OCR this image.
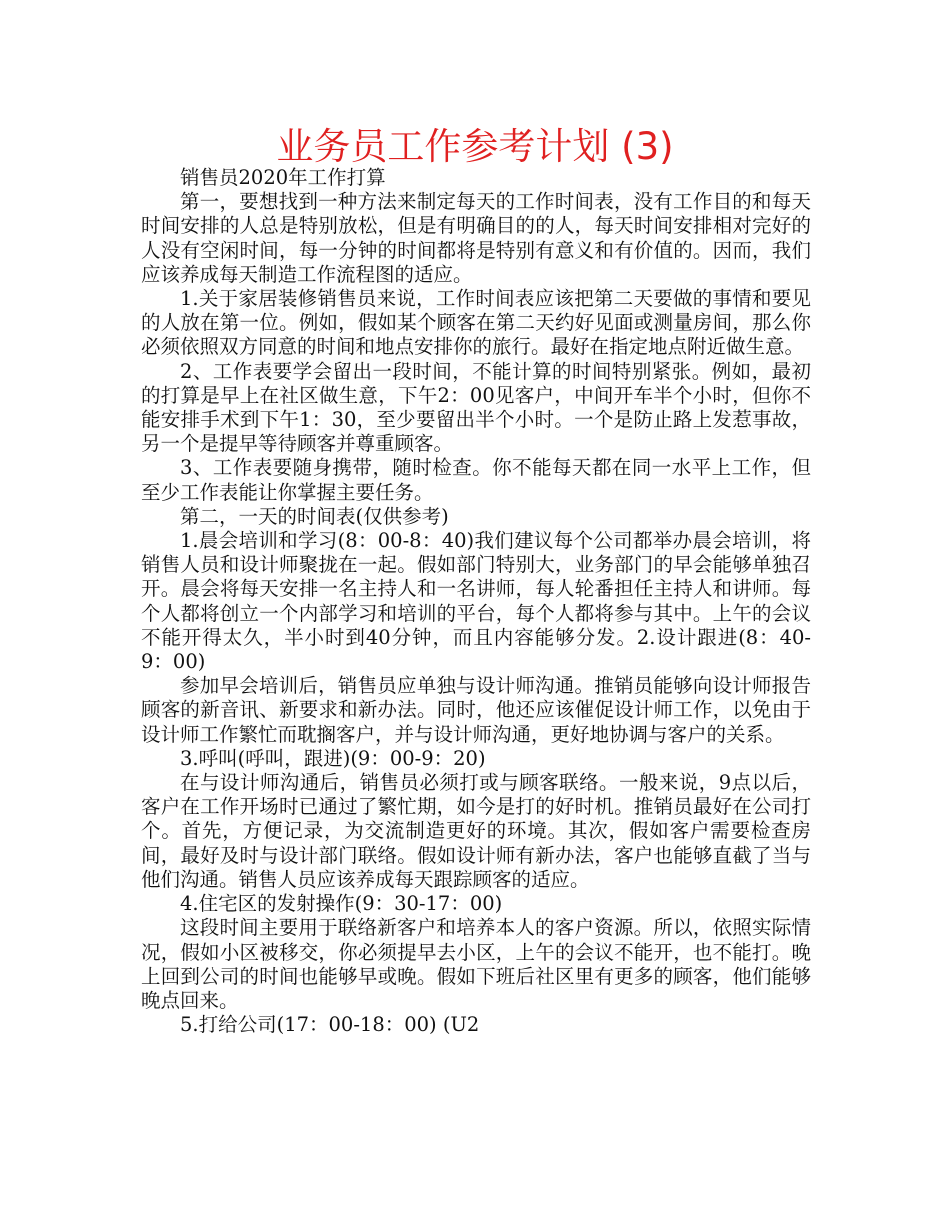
业务员工作参考计划 (3)

销售员2020年工作打算

第一，要想找到一种方法来制定每天的工作时间表，没有工作目的和每天时间安排的人总是特别放松，但是有明确目的的人，每天时间安排相对完好的人没有空闲时间，每一分钟的时间都将是特别有意义和有价值的。因而，我们应该养成每天制造工作流程图的适应。

1.关于家居装修销售员来说，工作时间表应该把第二天要做的事情和要见的人放在第一位。例如，假如某个顾客在第二天约好见面或测量房间，那么你必须依照双方同意的时间和地点安排你的旅行。最好在指定地点附近做生意。

2、工作表要学会留出一段时间，不能计算的时间特别紧张。例如，最初的打算是早上在社区做生意，下午2：00见客户，中间开车半个小时，但你不能安排手术到下午1：30，至少要留出半个小时。一个是防止路上发惹事故，另一个是提早等待顾客并尊重顾客。

3、工作表要随身携带，随时检查。你不能每天都在同一水平上工作，但至少工作表能让你掌握主要任务。

第二，一天的时间表(仅供参考)

1.晨会培训和学习(8：00-8：40)我们建议每个公司都举办晨会培训，将销售人员和设计师聚拢在一起。假如部门特别大，业务部门的早会能够单独召开。晨会将每天安排一名主持人和一名讲师，每人轮番担任主持人和讲师。每个人都将创立一个内部学习和培训的平台，每个人都将参与其中。上午的会议不能开得太久，半小时到40分钟，而且内容能够分发。2.设计跟进(8：40-9：00)

参加早会培训后，销售员应单独与设计师沟通。推销员能够向设计师报告顾客的新音讯、新要求和新办法。同时，他还应该催促设计师工作，以免由于设计师工作繁忙而耽搁客户，并与设计师沟通，更好地协调与客户的关系。

3.呼叫(呼叫，跟进)(9：00-9：20)

在与设计师沟通后，销售员必须打或与顾客联络。一般来说，9点以后，客户在工作开场时已通过了繁忙期，如今是打的好时机。推销员最好在公司打个。首先，方便记录，为交流制造更好的环境。其次，假如客户需要检查房间，最好及时与设计部门联络。假如设计师有新办法，客户也能够直截了当与他们沟通。销售人员应该养成每天跟踪顾客的适应。

4.住宅区的发射操作(9：30-17：00)

这段时间主要用于联络新客户和培养本人的客户资源。所以，依照实际情况，假如小区被移交，你必须提早去小区，上午的会议不能开，也不能打。晚上回到公司的时间也能够早或晚。假如下班后社区里有更多的顾客，他们能够晚点回来。

5.打给公司(17：00-18：00) (U2
